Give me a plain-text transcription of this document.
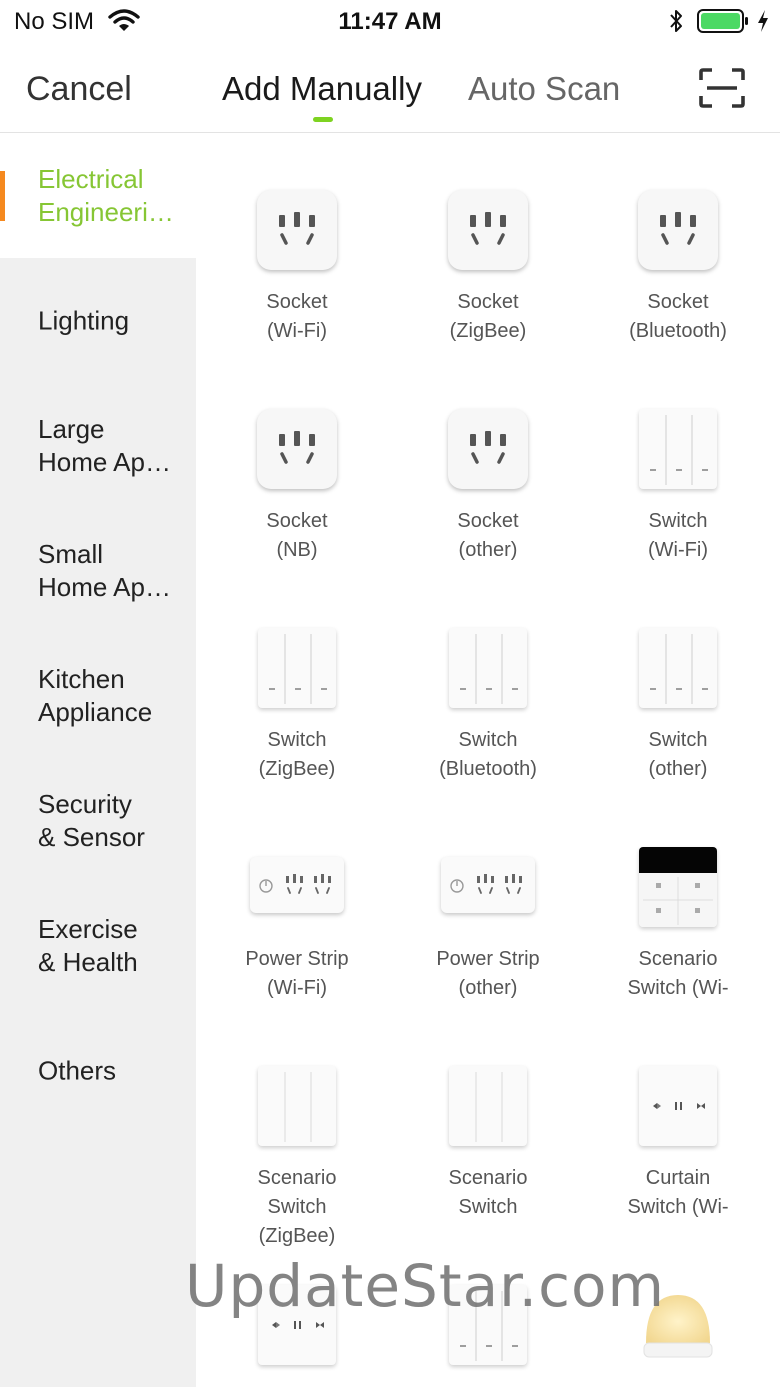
No SIM	11:47 AM
Cancel	Add Manually Auto Scan
Electrical
Engineeri…
Lighting
Large
Home Ap…
Small
Home Ap…
Kitchen
Appliance
Security
& Sensor
Exercise
& Health
Others
Socket
(Wi-Fi)
Socket
(ZigBee)
Socket
(Bluetooth)
Socket
(NB)
Socket
(other)
Switch
(Wi-Fi)
Switch
(ZigBee)
Switch
(Bluetooth)
Switch
(other)
Power Strip
(Wi-Fi)
Power Strip
(other)
Scenario
Switch (Wi-
Scenario
Switch
(ZigBee)
Scenario
Switch
Curtain
Switch (Wi-
UpdateStar.com
